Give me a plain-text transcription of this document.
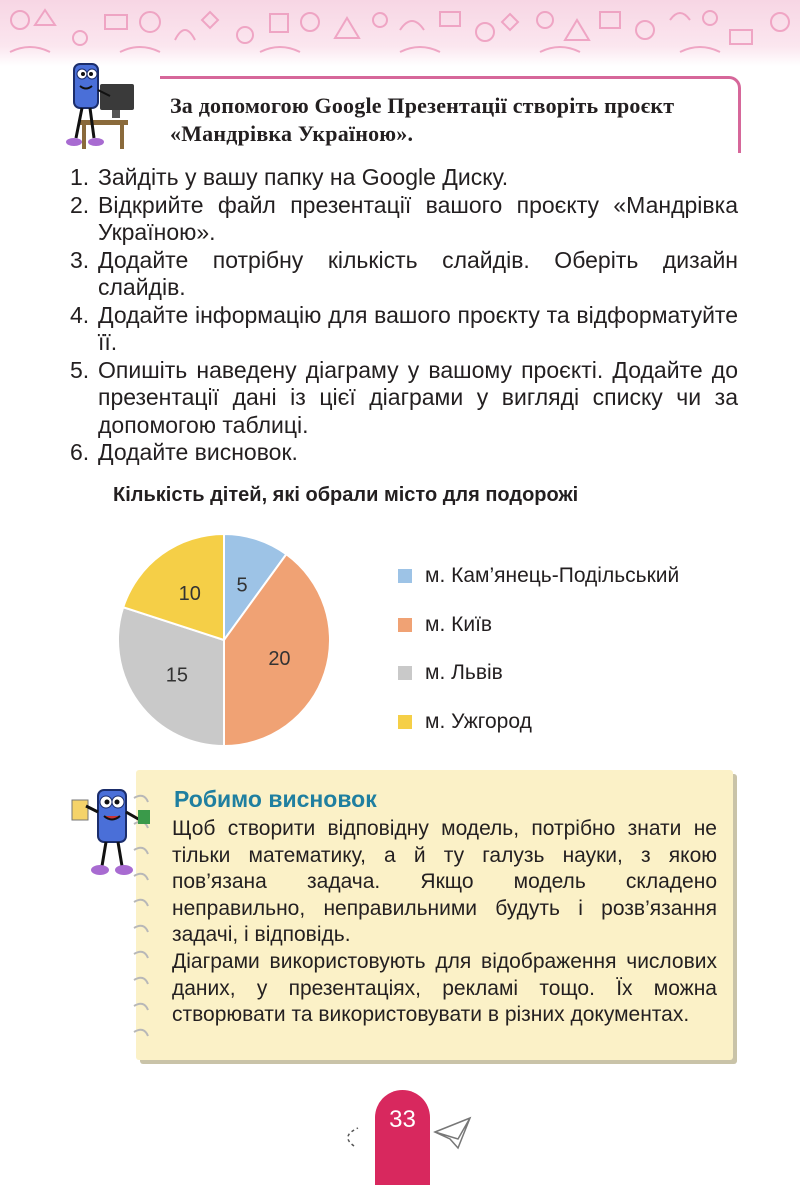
За допомогою Google Презентації створіть проєкт «Мандрівка Україною».

1. Зайдіть у вашу папку на Google Диску.
2. Відкрийте файл презентації вашого проєкту «Мандрівка Україною».
3. Додайте потрібну кількість слайдів. Оберіть дизайн слайдів.
4. Додайте інформацію для вашого проєкту та відформатуйте її.
5. Опишіть наведену діаграму у вашому проєкті. Додайте до презентації дані із цієї діаграми у вигляді списку чи за допомогою таблиці.
6. Додайте висновок.

Кількість дітей, які обрали місто для подорожі

5
20
15
10
м. Кам’янець-Подільський
м. Київ
м. Львів
м. Ужгород

Робимо висновок

Щоб створити відповідну модель, потрібно знати не тільки математику, а й ту галузь науки, з якою пов’язана задача. Якщо модель складено неправильно, неправильними будуть і розв’язання задачі, і відповідь.

Діаграми використовують для відображення числових даних, у презентаціях, рекламі тощо. Їх можна створювати та використовувати в різних документах.

33
